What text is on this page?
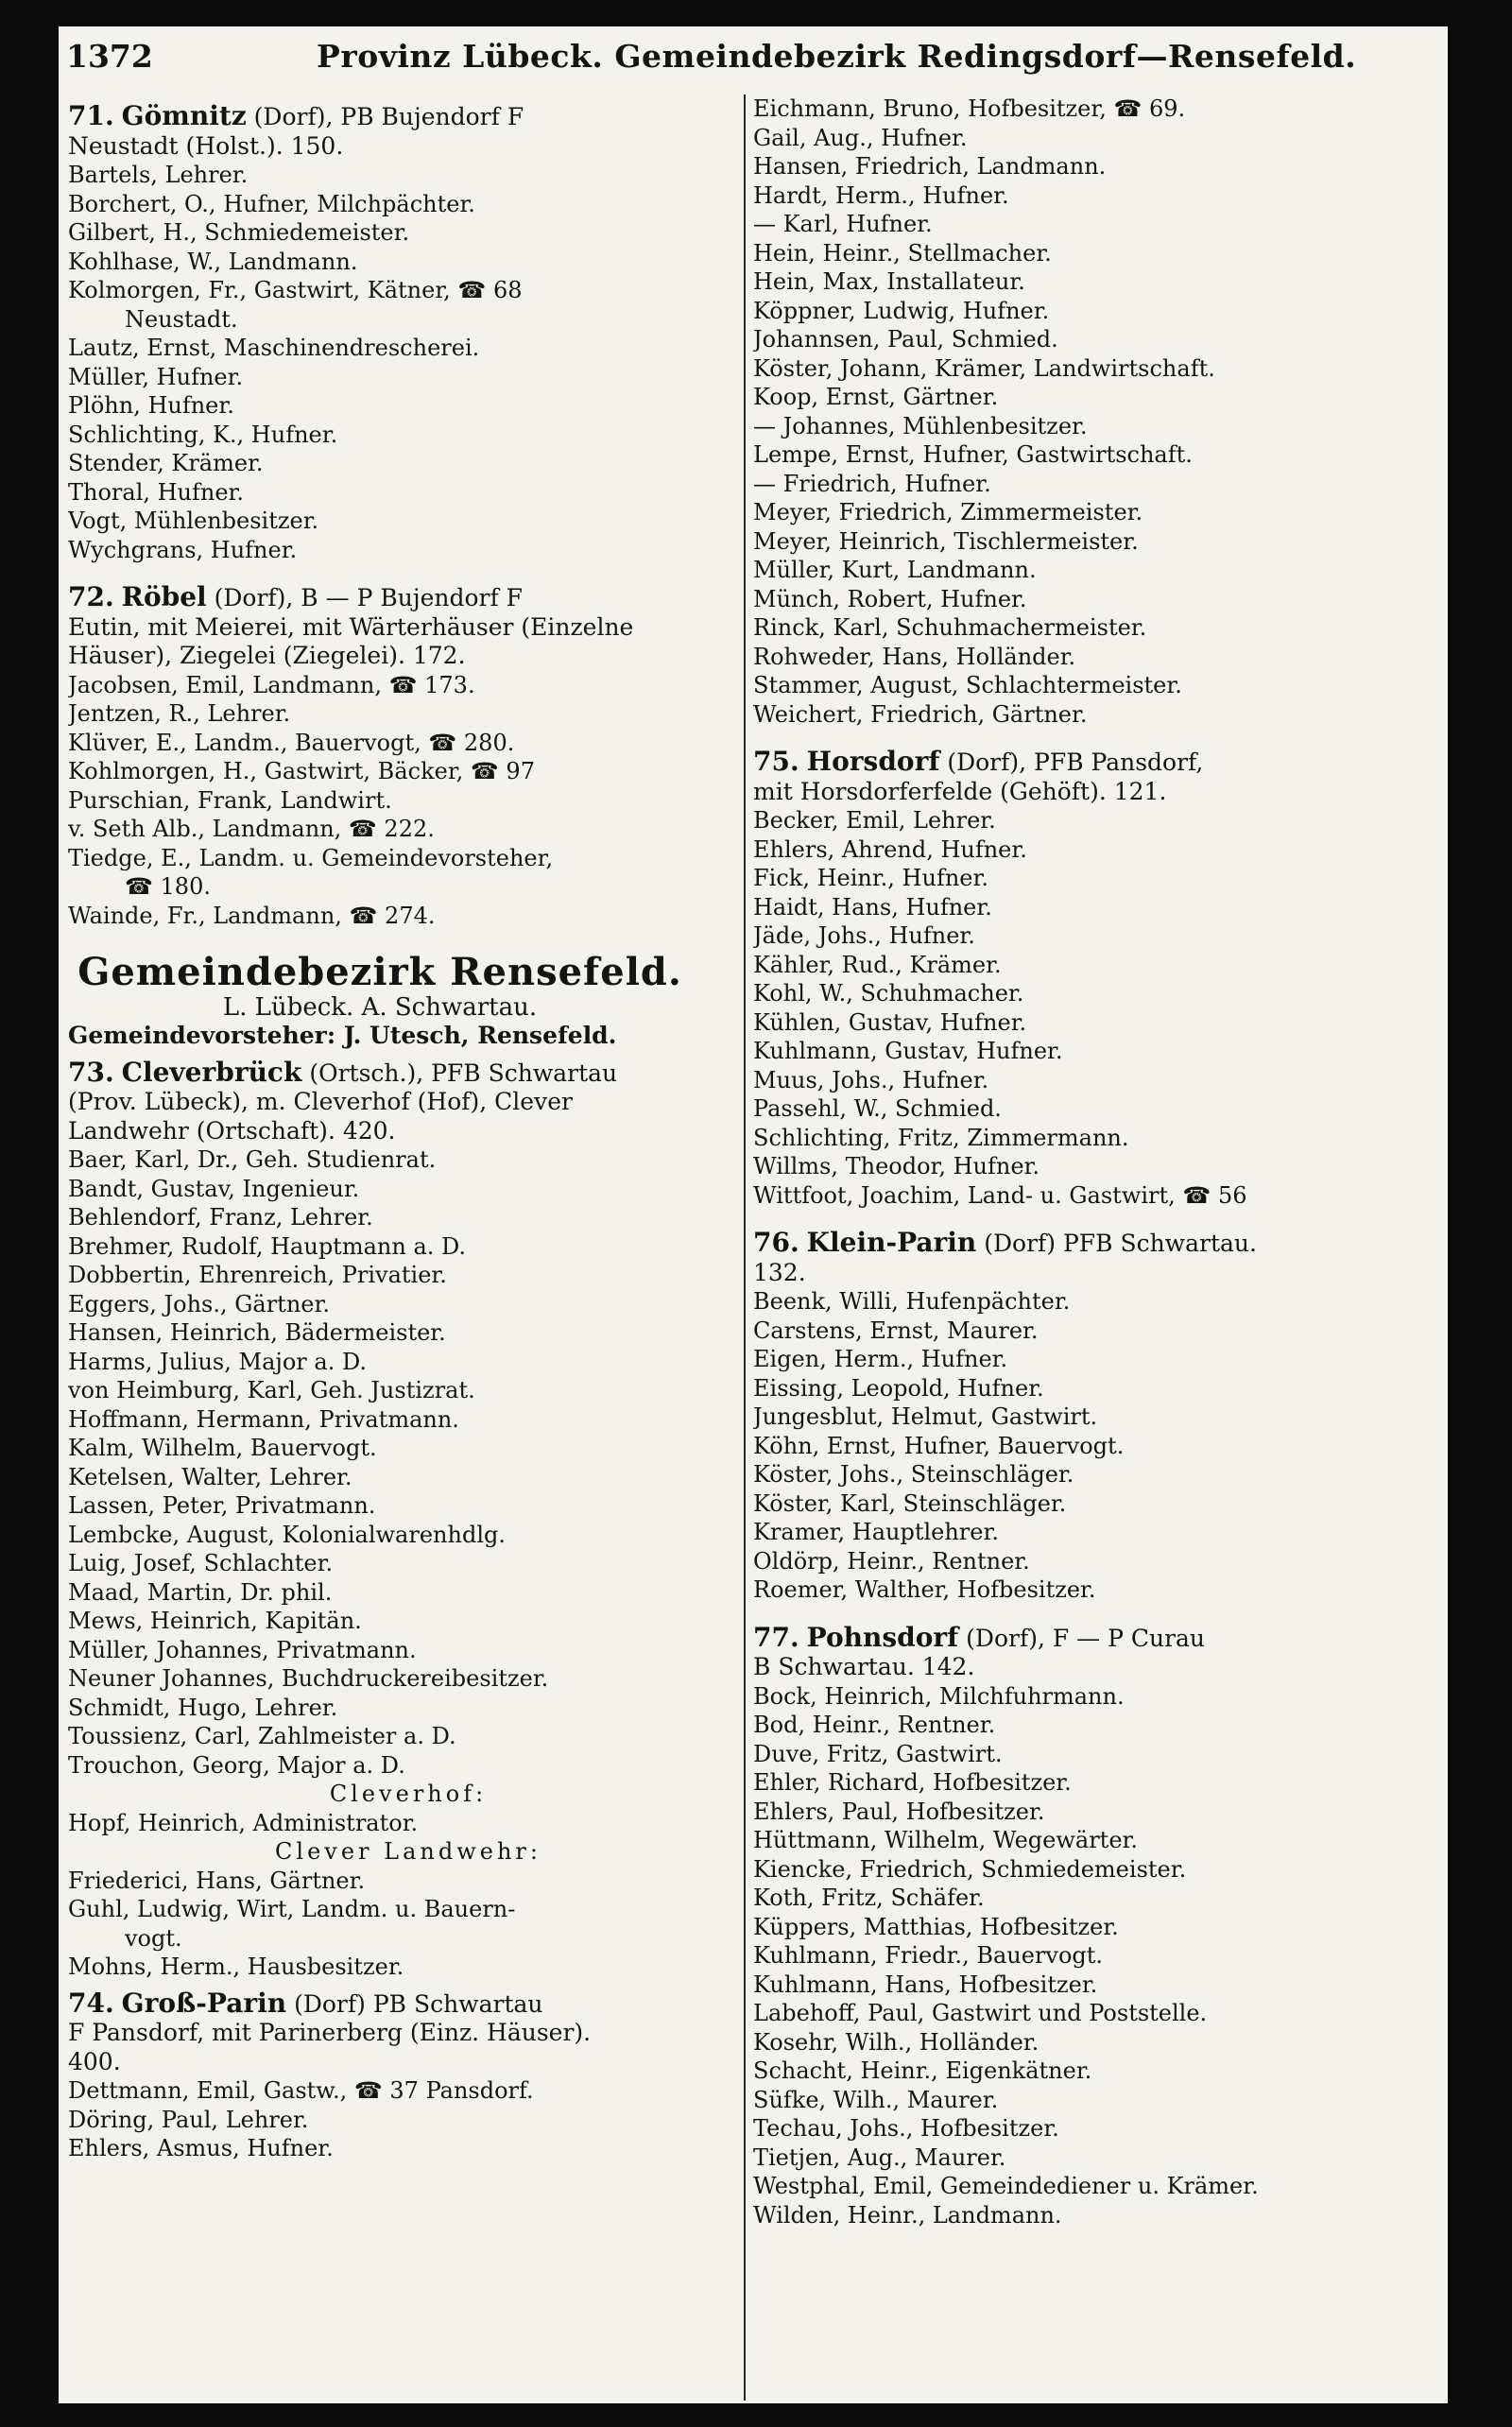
1372	Provinz Lübeck. Gemeindebezirk Redingsdorf—Rensefeld.
71. Gömnitz (Dorf), PB Bujendorf F
Neustadt (Holst.). 150.
Bartels, Lehrer.
Borchert, O., Hufner, Milchpächter.
Gilbert, H., Schmiedemeister.
Kohlhase, W., Landmann.
Kolmorgen, Fr., Gastwirt, Kätner, ☎ 68
Neustadt.
Lautz, Ernst, Maschinendrescherei.
Müller, Hufner.
Plöhn, Hufner.
Schlichting, K., Hufner.
Stender, Krämer.
Thoral, Hufner.
Vogt, Mühlenbesitzer.
Wychgrans, Hufner.
72. Röbel (Dorf), B — P Bujendorf F
Eutin, mit Meierei, mit Wärterhäuser (Einzelne
Häuser), Ziegelei (Ziegelei). 172.
Jacobsen, Emil, Landmann, ☎ 173.
Jentzen, R., Lehrer.
Klüver, E., Landm., Bauervogt, ☎ 280.
Kohlmorgen, H., Gastwirt, Bäcker, ☎ 97
Purschian, Frank, Landwirt.
v. Seth Alb., Landmann, ☎ 222.
Tiedge, E., Landm. u. Gemeindevorsteher,
☎ 180.
Wainde, Fr., Landmann, ☎ 274.
Gemeindebezirk Rensefeld.
L. Lübeck. A. Schwartau.
Gemeindevorsteher: J. Utesch, Rensefeld.
73. Cleverbrück (Ortsch.), PFB Schwartau
(Prov. Lübeck), m. Cleverhof (Hof), Clever
Landwehr (Ortschaft). 420.
Baer, Karl, Dr., Geh. Studienrat.
Bandt, Gustav, Ingenieur.
Behlendorf, Franz, Lehrer.
Brehmer, Rudolf, Hauptmann a. D.
Dobbertin, Ehrenreich, Privatier.
Eggers, Johs., Gärtner.
Hansen, Heinrich, Bädermeister.
Harms, Julius, Major a. D.
von Heimburg, Karl, Geh. Justizrat.
Hoffmann, Hermann, Privatmann.
Kalm, Wilhelm, Bauervogt.
Ketelsen, Walter, Lehrer.
Lassen, Peter, Privatmann.
Lembcke, August, Kolonialwarenhdlg.
Luig, Josef, Schlachter.
Maad, Martin, Dr. phil.
Mews, Heinrich, Kapitän.
Müller, Johannes, Privatmann.
Neuner Johannes, Buchdruckereibesitzer.
Schmidt, Hugo, Lehrer.
Toussienz, Carl, Zahlmeister a. D.
Trouchon, Georg, Major a. D.
Cleverhof:
Hopf, Heinrich, Administrator.
Clever Landwehr:
Friederici, Hans, Gärtner.
Guhl, Ludwig, Wirt, Landm. u. Bauern-
vogt.
Mohns, Herm., Hausbesitzer.
74. Groß-Parin (Dorf) PB Schwartau
F Pansdorf, mit Parinerberg (Einz. Häuser).
400.
Dettmann, Emil, Gastw., ☎ 37 Pansdorf.
Döring, Paul, Lehrer.
Ehlers, Asmus, Hufner.
Eichmann, Bruno, Hofbesitzer, ☎ 69.
Gail, Aug., Hufner.
Hansen, Friedrich, Landmann.
Hardt, Herm., Hufner.
— Karl, Hufner.
Hein, Heinr., Stellmacher.
Hein, Max, Installateur.
Köppner, Ludwig, Hufner.
Johannsen, Paul, Schmied.
Köster, Johann, Krämer, Landwirtschaft.
Koop, Ernst, Gärtner.
— Johannes, Mühlenbesitzer.
Lempe, Ernst, Hufner, Gastwirtschaft.
— Friedrich, Hufner.
Meyer, Friedrich, Zimmermeister.
Meyer, Heinrich, Tischlermeister.
Müller, Kurt, Landmann.
Münch, Robert, Hufner.
Rinck, Karl, Schuhmachermeister.
Rohweder, Hans, Holländer.
Stammer, August, Schlachtermeister.
Weichert, Friedrich, Gärtner.
75. Horsdorf (Dorf), PFB Pansdorf,
mit Horsdorferfelde (Gehöft). 121.
Becker, Emil, Lehrer.
Ehlers, Ahrend, Hufner.
Fick, Heinr., Hufner.
Haidt, Hans, Hufner.
Jäde, Johs., Hufner.
Kähler, Rud., Krämer.
Kohl, W., Schuhmacher.
Kühlen, Gustav, Hufner.
Kuhlmann, Gustav, Hufner.
Muus, Johs., Hufner.
Passehl, W., Schmied.
Schlichting, Fritz, Zimmermann.
Willms, Theodor, Hufner.
Wittfoot, Joachim, Land- u. Gastwirt, ☎ 56
76. Klein-Parin (Dorf) PFB Schwartau.
132.
Beenk, Willi, Hufenpächter.
Carstens, Ernst, Maurer.
Eigen, Herm., Hufner.
Eissing, Leopold, Hufner.
Jungesblut, Helmut, Gastwirt.
Köhn, Ernst, Hufner, Bauervogt.
Köster, Johs., Steinschläger.
Köster, Karl, Steinschläger.
Kramer, Hauptlehrer.
Oldörp, Heinr., Rentner.
Roemer, Walther, Hofbesitzer.
77. Pohnsdorf (Dorf), F — P Curau
B Schwartau. 142.
Bock, Heinrich, Milchfuhrmann.
Bod, Heinr., Rentner.
Duve, Fritz, Gastwirt.
Ehler, Richard, Hofbesitzer.
Ehlers, Paul, Hofbesitzer.
Hüttmann, Wilhelm, Wegewärter.
Kiencke, Friedrich, Schmiedemeister.
Koth, Fritz, Schäfer.
Küppers, Matthias, Hofbesitzer.
Kuhlmann, Friedr., Bauervogt.
Kuhlmann, Hans, Hofbesitzer.
Labehoff, Paul, Gastwirt und Poststelle.
Kosehr, Wilh., Holländer.
Schacht, Heinr., Eigenkätner.
Süfke, Wilh., Maurer.
Techau, Johs., Hofbesitzer.
Tietjen, Aug., Maurer.
Westphal, Emil, Gemeindediener u. Krämer.
Wilden, Heinr., Landmann.
